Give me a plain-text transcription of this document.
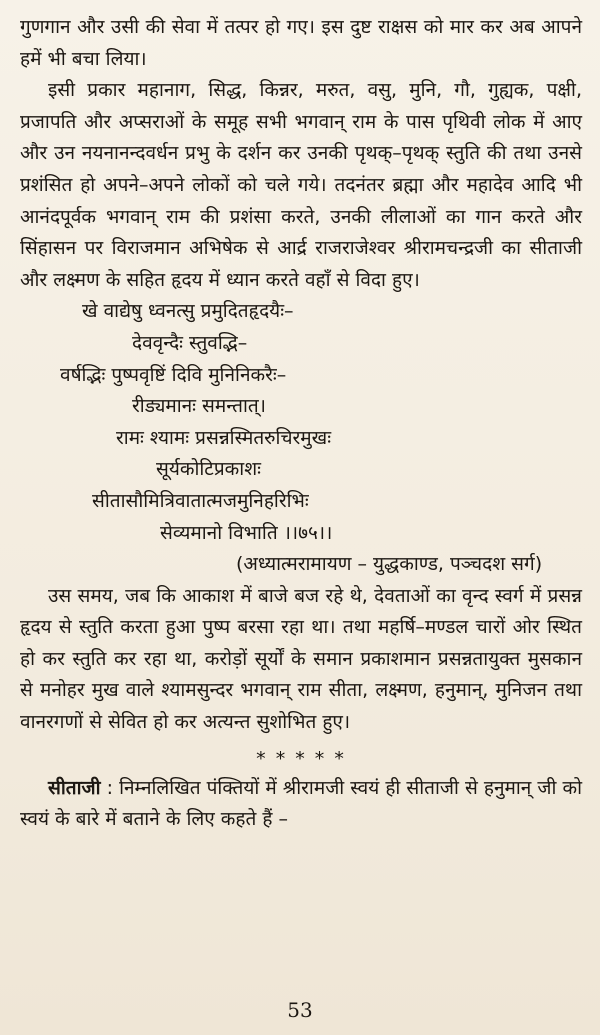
गुणगान और उसी की सेवा में तत्पर हो गए। इस दुष्ट राक्षस को मार कर अब आपने हमें भी बचा लिया।

इसी प्रकार महानाग, सिद्ध, किन्नर, मरुत, वसु, मुनि, गौ, गुह्यक, पक्षी, प्रजापति और अप्सराओं के समूह सभी भगवान् राम के पास पृथिवी लोक में आए और उन नयनानन्दवर्धन प्रभु के दर्शन कर उनकी पृथक्–पृथक् स्तुति की तथा उनसे प्रशंसित हो अपने–अपने लोकों को चले गये। तदनंतर ब्रह्मा और महादेव आदि भी आनंदपूर्वक भगवान् राम की प्रशंसा करते, उनकी लीलाओं का गान करते और सिंहासन पर विराजमान अभिषेक से आर्द्र राजराजेश्वर श्रीरामचन्द्रजी का सीताजी और लक्ष्मण के सहित हृदय में ध्यान करते वहाँ से विदा हुए।

खे वाद्येषु ध्वनत्सु प्रमुदितहृदयैः–
देववृन्दैः स्तुवद्भि–
वर्षद्भिः पुष्पवृष्टिं दिवि मुनिनिकरैः–
रीड्यमानः समन्तात्।
रामः श्यामः प्रसन्नस्मितरुचिरमुखः
सूर्यकोटिप्रकाशः
सीतासौमित्रिवातात्मजमुनिहरिभिः
सेव्यमानो विभाति ।।७५।।

(अध्यात्मरामायण – युद्धकाण्ड, पञ्चदश सर्ग)

उस समय, जब कि आकाश में बाजे बज रहे थे, देवताओं का वृन्द स्वर्ग में प्रसन्न हृदय से स्तुति करता हुआ पुष्प बरसा रहा था। तथा महर्षि–मण्डल चारों ओर स्थित हो कर स्तुति कर रहा था, करोड़ों सूर्यों के समान प्रकाशमान प्रसन्नतायुक्त मुसकान से मनोहर मुख वाले श्यामसुन्दर भगवान् राम सीता, लक्ष्मण, हनुमान्, मुनिजन तथा वानरगणों से सेवित हो कर अत्यन्त सुशोभित हुए।

* * * * *

सीताजी : निम्नलिखित पंक्तियों में श्रीरामजी स्वयं ही सीताजी से हनुमान् जी को स्वयं के बारे में बताने के लिए कहते हैं –

53
